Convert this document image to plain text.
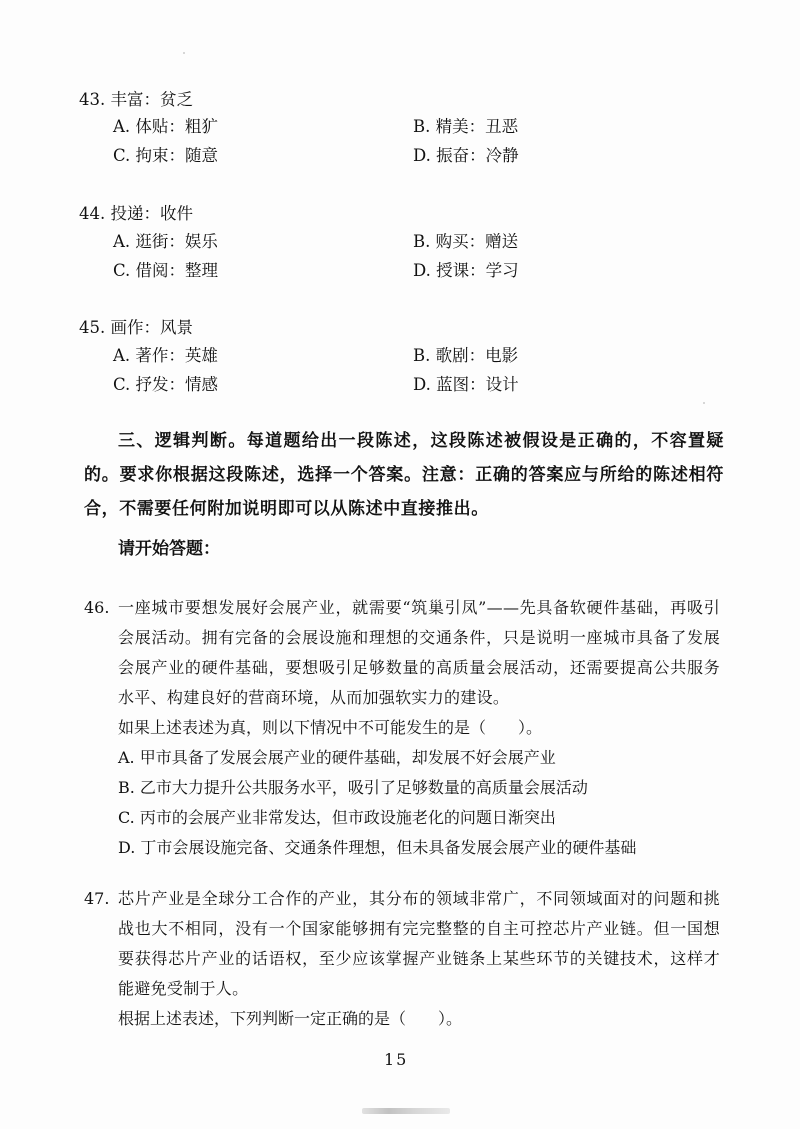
43. 丰富：贫乏
A. 体贴：粗犷	B. 精美：丑恶
C. 拘束：随意	D. 振奋：冷静
44. 投递：收件
A. 逛街：娱乐	B. 购买：赠送
C. 借阅：整理	D. 授课：学习
45. 画作：风景
A. 著作：英雄	B. 歌剧：电影
C. 抒发：情感	D. 蓝图：设计
三、逻辑判断。每道题给出一段陈述，这段陈述被假设是正确的，不容置疑的。要求你根据这段陈述，选择一个答案。注意：正确的答案应与所给的陈述相符合，不需要任何附加说明即可以从陈述中直接推出。
请开始答题：
46. 一座城市要想发展好会展产业，就需要“筑巢引凤”——先具备软硬件基础，再吸引会展活动。拥有完备的会展设施和理想的交通条件，只是说明一座城市具备了发展会展产业的硬件基础，要想吸引足够数量的高质量会展活动，还需要提高公共服务水平、构建良好的营商环境，从而加强软实力的建设。
如果上述表述为真，则以下情况中不可能发生的是（　　）。
A. 甲市具备了发展会展产业的硬件基础，却发展不好会展产业
B. 乙市大力提升公共服务水平，吸引了足够数量的高质量会展活动
C. 丙市的会展产业非常发达，但市政设施老化的问题日渐突出
D. 丁市会展设施完备、交通条件理想，但未具备发展会展产业的硬件基础
47. 芯片产业是全球分工合作的产业，其分布的领域非常广，不同领域面对的问题和挑战也大不相同，没有一个国家能够拥有完完整整的自主可控芯片产业链。但一国想要获得芯片产业的话语权，至少应该掌握产业链条上某些环节的关键技术，这样才能避免受制于人。
根据上述表述，下列判断一定正确的是（　　）。
15
